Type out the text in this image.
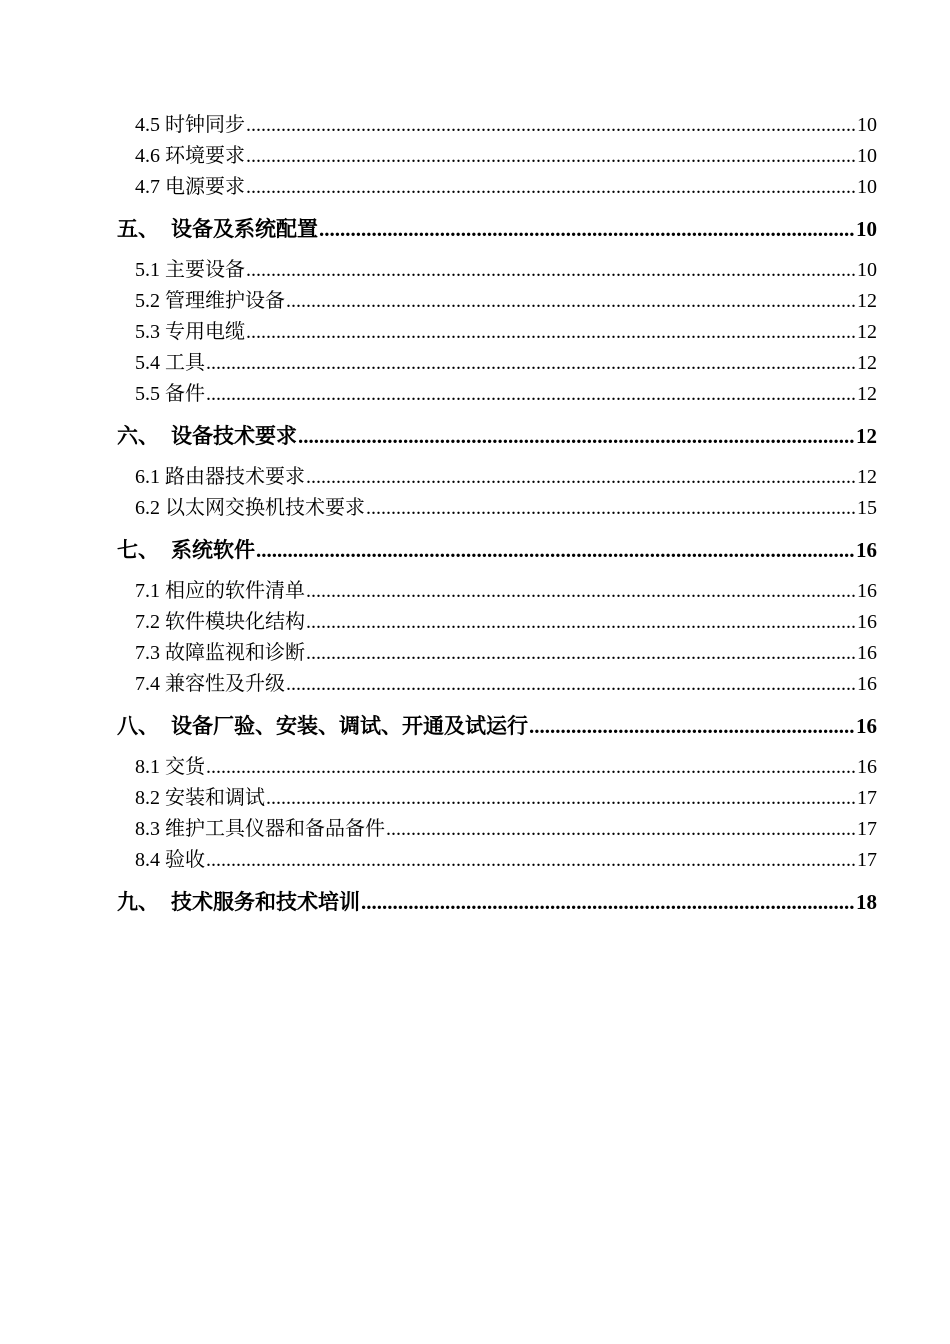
4.5 时钟同步 .....	10
4.6 环境要求 .....	10
4.7 电源要求 .....	10
五、 设备及系统配置 .....	10
5.1 主要设备 .....	10
5.2 管理维护设备 .....	12
5.3 专用电缆 .....	12
5.4 工具 .....	12
5.5 备件 .....	12
六、 设备技术要求 .....	12
6.1 路由器技术要求 .....	12
6.2 以太网交换机技术要求 .....	15
七、 系统软件 .....	16
7.1 相应的软件清单 .....	16
7.2 软件模块化结构 .....	16
7.3 故障监视和诊断 .....	16
7.4 兼容性及升级 .....	16
八、 设备厂验、安装、调试、开通及试运行 .....	16
8.1 交货 .....	16
8.2 安装和调试 .....	17
8.3 维护工具仪器和备品备件 .....	17
8.4 验收 .....	17
九、 技术服务和技术培训 .....	18
